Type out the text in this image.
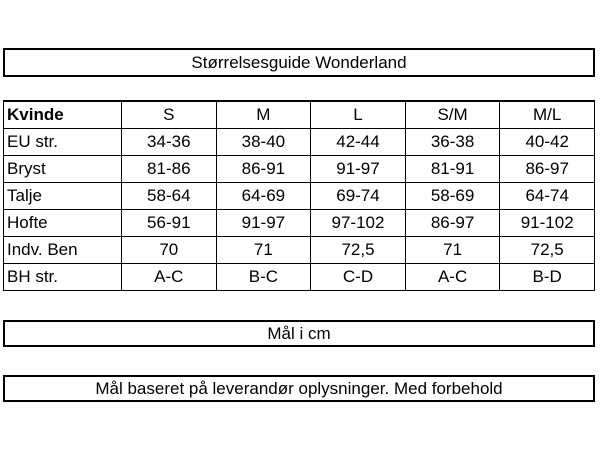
Størrelsesguide Wonderland
Kvinde	S	M	L	S/M	M/L
EU str.	34-36	38-40	42-44	36-38	40-42
Bryst	81-86	86-91	91-97	81-91	86-97
Talje	58-64	64-69	69-74	58-69	64-74
Hofte	56-91	91-97	97-102	86-97	91-102
Indv. Ben	70	71	72,5	71	72,5
BH str.	A-C	B-C	C-D	A-C	B-D
Mål i cm
Mål baseret på leverandør oplysninger. Med forbehold
